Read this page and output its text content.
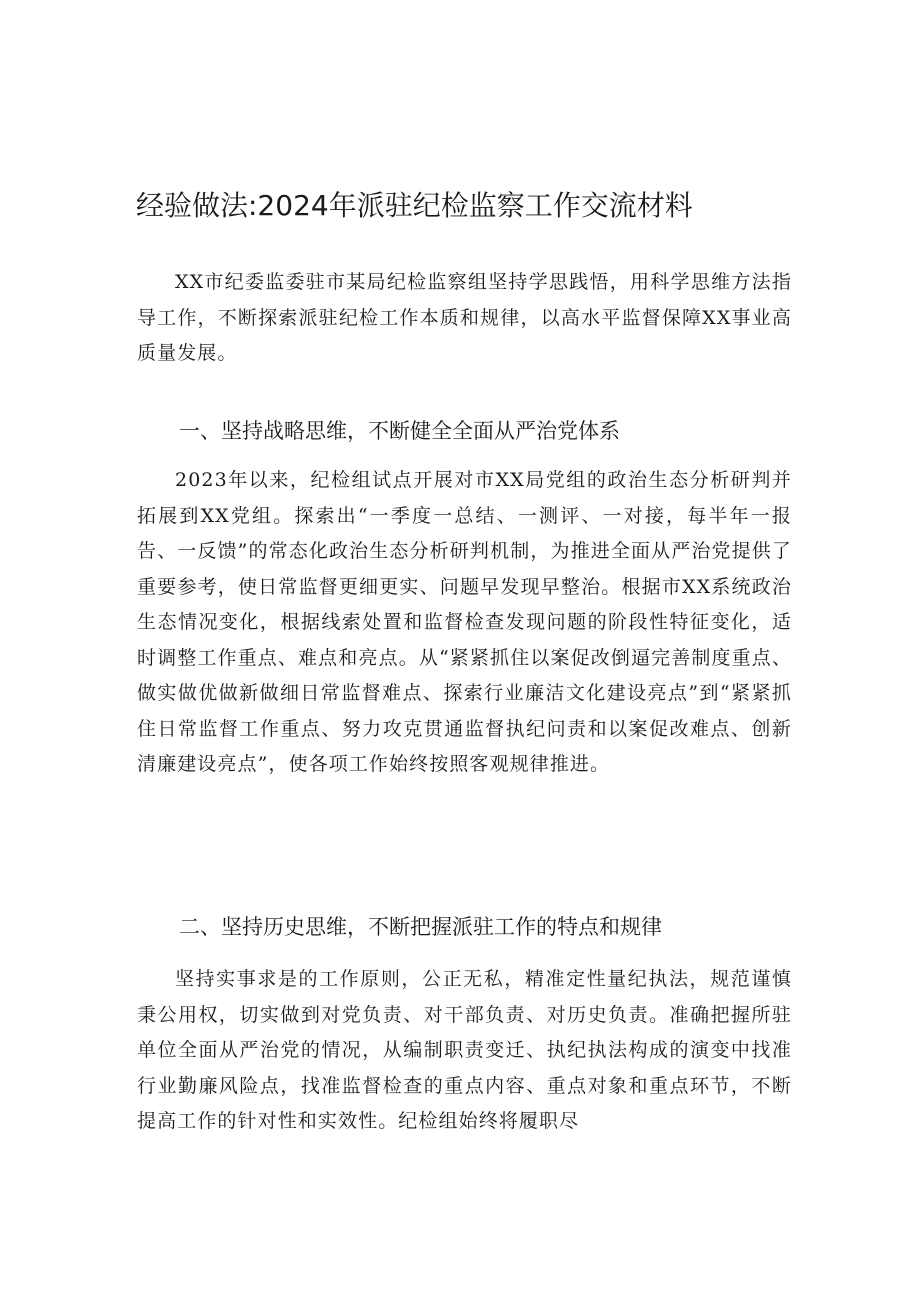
经验做法:2024年派驻纪检监察工作交流材料

XX市纪委监委驻市某局纪检监察组坚持学思践悟，用科学思维方法指导工作，不断探索派驻纪检工作本质和规律，以高水平监督保障XX事业高质量发展。

一、坚持战略思维，不断健全全面从严治党体系

2023年以来，纪检组试点开展对市XX局党组的政治生态分析研判并拓展到XX党组。探索出“一季度一总结、一测评、一对接，每半年一报告、一反馈”的常态化政治生态分析研判机制，为推进全面从严治党提供了重要参考，使日常监督更细更实、问题早发现早整治。根据市XX系统政治生态情况变化，根据线索处置和监督检查发现问题的阶段性特征变化，适时调整工作重点、难点和亮点。从“紧紧抓住以案促改倒逼完善制度重点、做实做优做新做细日常监督难点、探索行业廉洁文化建设亮点”到“紧紧抓住日常监督工作重点、努力攻克贯通监督执纪问责和以案促改难点、创新清廉建设亮点”，使各项工作始终按照客观规律推进。

二、坚持历史思维，不断把握派驻工作的特点和规律

坚持实事求是的工作原则，公正无私，精准定性量纪执法，规范谨慎秉公用权，切实做到对党负责、对干部负责、对历史负责。准确把握所驻单位全面从严治党的情况，从编制职责变迁、执纪执法构成的演变中找准行业勤廉风险点，找准监督检查的重点内容、重点对象和重点环节，不断提高工作的针对性和实效性。纪检组始终将履职尽
